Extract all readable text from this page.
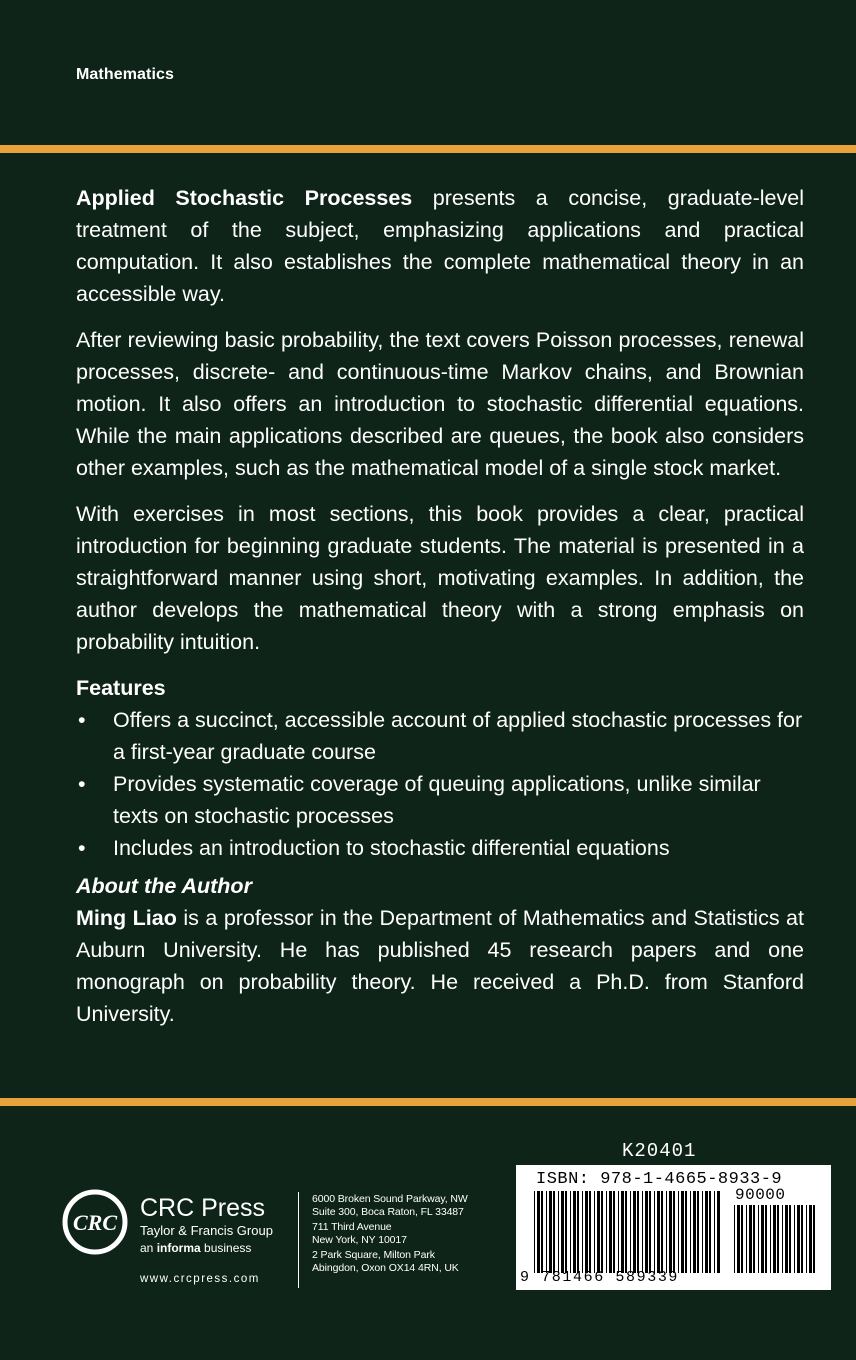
Mathematics

Applied Stochastic Processes presents a concise, graduate-level treatment of the subject, emphasizing applications and practical computation. It also establishes the complete mathematical theory in an accessible way.

After reviewing basic probability, the text covers Poisson processes, renewal processes, discrete- and continuous-time Markov chains, and Brownian motion. It also offers an introduction to stochastic differential equations. While the main applications described are queues, the book also considers other examples, such as the mathematical model of a single stock market.

With exercises in most sections, this book provides a clear, practical introduction for beginning graduate students. The material is presented in a straightforward manner using short, motivating examples. In addition, the author develops the mathematical theory with a strong emphasis on probability intuition.

Features
• Offers a succinct, accessible account of applied stochastic processes for a first-year graduate course
• Provides systematic coverage of queuing applications, unlike similar texts on stochastic processes
• Includes an introduction to stochastic differential equations
About the Author

Ming Liao is a professor in the Department of Mathematics and Statistics at Auburn University. He has published 45 research papers and one monograph on probability theory. He received a Ph.D. from Stanford University.

CRC
CRC Press
Taylor & Francis Group
an informa business
www.crcpress.com
6000 Broken Sound Parkway, NW
Suite 300, Boca Raton, FL 33487
711 Third Avenue
New York, NY 10017
2 Park Square, Milton Park
Abingdon, Oxon OX14 4RN, UK
K20401
ISBN: 978-1-4665-8933-9
90000
9 781466 589339
